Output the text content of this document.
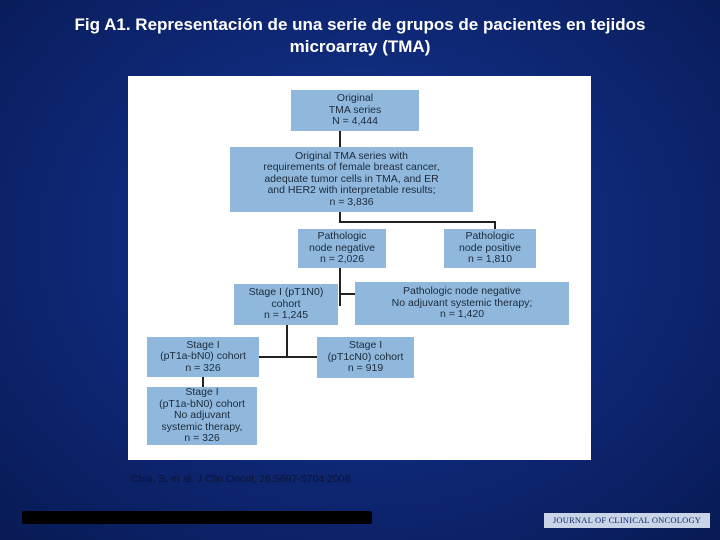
Fig A1. Representación de una serie de grupos de pacientes en tejidos
microarray (TMA)
Original
TMA series
N = 4,444
Original TMA series with
requirements of female breast cancer,
adequate tumor cells in TMA, and ER
and HER2 with interpretable results;
n = 3,836
Pathologic
node negative
n = 2,026
Pathologic
node positive
n = 1,810
Stage I (pT1N0)
cohort
n = 1,245
Pathologic node negative
No adjuvant systemic therapy;
n = 1,420
Stage I
(pT1a-bN0) cohort
n = 326
Stage I
(pT1cN0) cohort
n = 919
Stage I
(pT1a-bN0) cohort
No adjuvant
systemic therapy,
n = 326
Chia, S. et al. J Clin Oncol; 26:5697-5704 2008
JOURNAL OF CLINICAL ONCOLOGY
